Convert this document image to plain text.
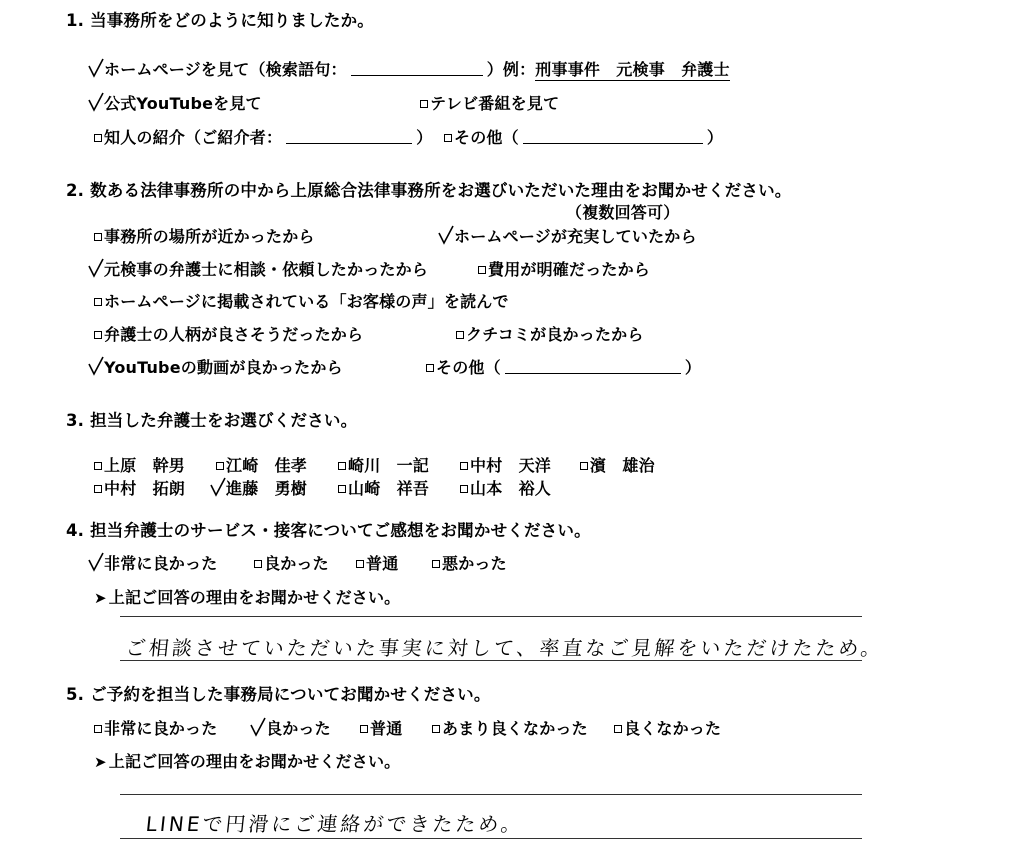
1. 当事務所をどのように知りましたか。
ホームページを見て（検索語句：	）例：刑事事件　元検事　弁護士
公式YouTubeを見て	テレビ番組を見て
知人の紹介（ご紹介者：	）	その他（	）
2. 数ある法律事務所の中から上原総合法律事務所をお選びいただいた理由をお聞かせください。
（複数回答可）
事務所の場所が近かったから	ホームページが充実していたから
元検事の弁護士に相談・依頼したかったから	費用が明確だったから
ホームページに掲載されている「お客様の声」を読んで
弁護士の人柄が良さそうだったから	クチコミが良かったから
YouTubeの動画が良かったから	その他（	）
3. 担当した弁護士をお選びください。
上原　幹男	江崎　佳孝	崎川　一記	中村　天洋	濱　雄治
中村　拓朗	進藤　勇樹	山崎　祥吾	山本　裕人
4. 担当弁護士のサービス・接客についてご感想をお聞かせください。
非常に良かった	良かった	普通	悪かった
➤ 上記ご回答の理由をお聞かせください。
ご相談させていただいた事実に対して、率直なご見解をいただけたため。
5. ご予約を担当した事務局についてお聞かせください。
非常に良かった	良かった	普通	あまり良くなかった	良くなかった
➤ 上記ご回答の理由をお聞かせください。
LINEで円滑にご連絡ができたため。
